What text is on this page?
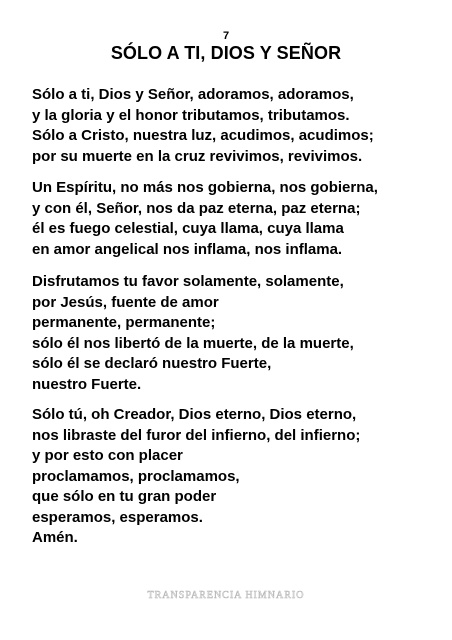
7
SÓLO A TI, DIOS Y SEÑOR
Sólo a ti, Dios y Señor, adoramos, adoramos,
y la gloria y el honor tributamos, tributamos.
Sólo a Cristo, nuestra luz, acudimos, acudimos;
por su muerte en la cruz revivimos, revivimos.
Un Espíritu, no más nos gobierna, nos gobierna,
y con él, Señor, nos da paz eterna, paz eterna;
él es fuego celestial, cuya llama, cuya llama
en amor angelical nos inflama, nos inflama.
Disfrutamos tu favor solamente, solamente,
por Jesús, fuente de amor
permanente, permanente;
sólo él nos libertó de la muerte, de la muerte,
sólo él se declaró nuestro Fuerte,
nuestro Fuerte.
Sólo tú, oh Creador, Dios eterno, Dios eterno,
nos libraste del furor del infierno, del infierno;
y por esto con placer
proclamamos, proclamamos,
que sólo en tu gran poder
esperamos, esperamos.
Amén.
TRANSPARENCIA HIMNARIO
